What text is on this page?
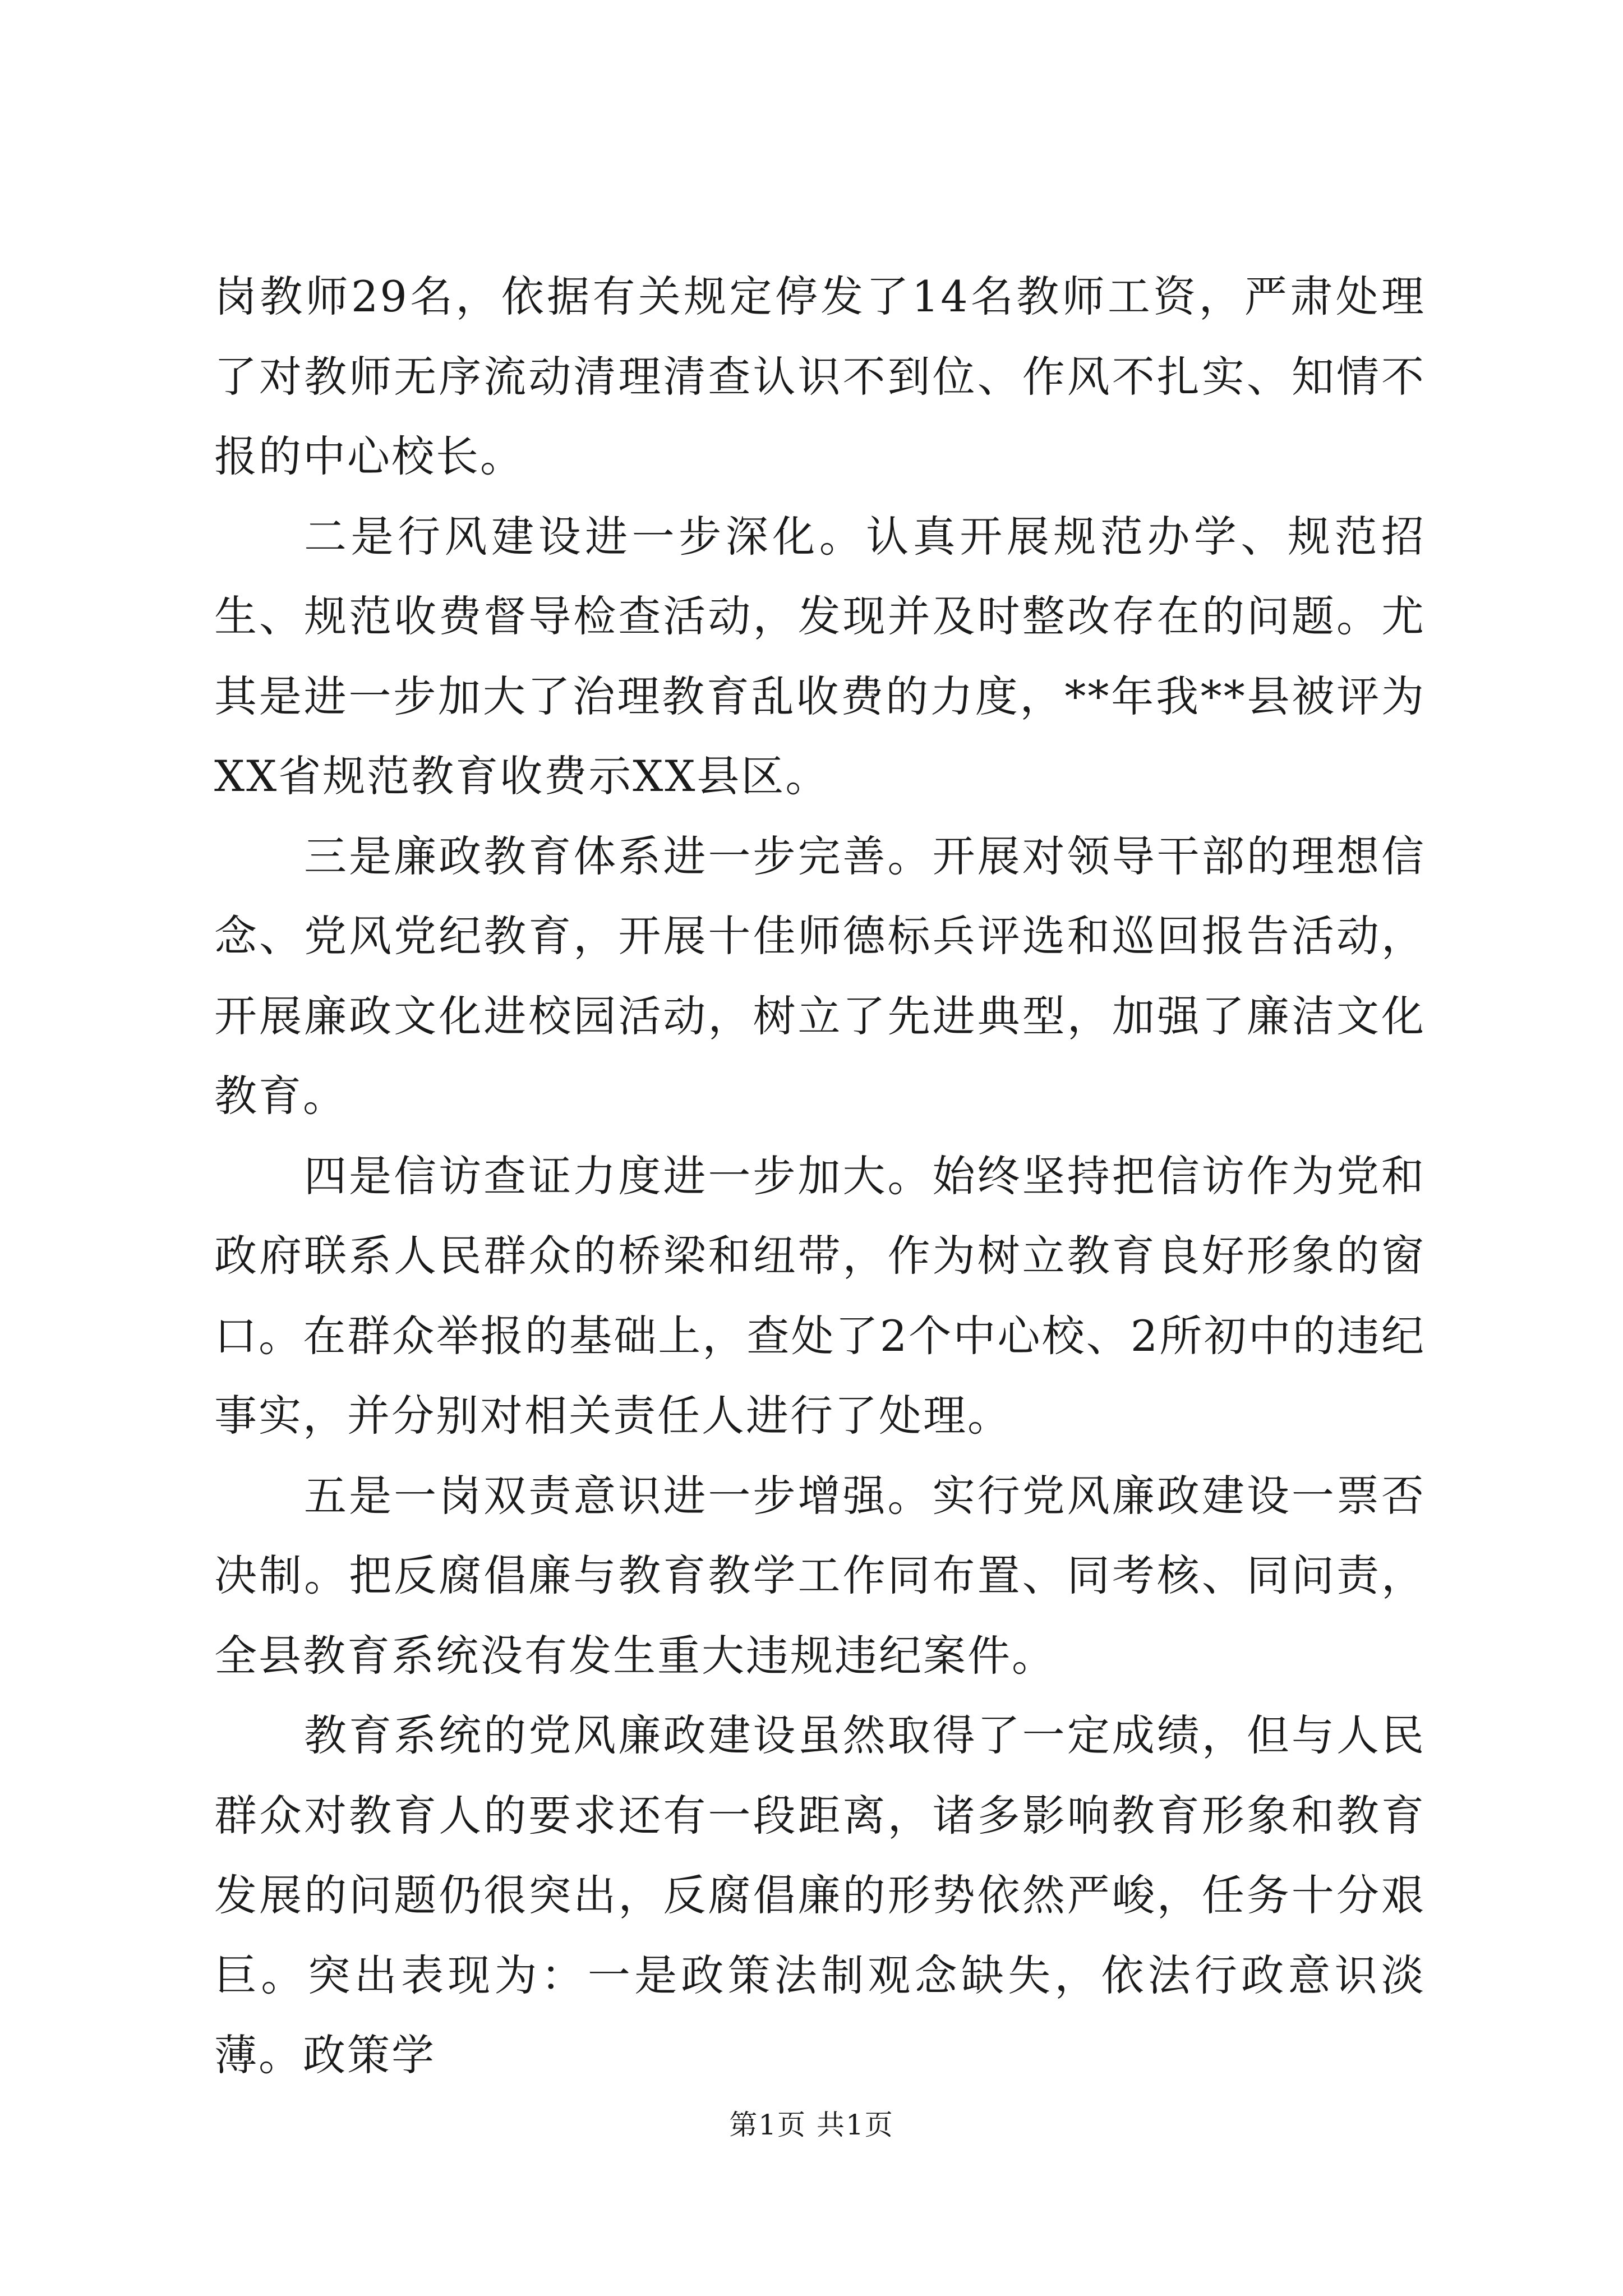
岗教师29名，依据有关规定停发了14名教师工资，严肃处理了对教师无序流动清理清查认识不到位、作风不扎实、知情不报的中心校长。

二是行风建设进一步深化。认真开展规范办学、规范招生、规范收费督导检查活动，发现并及时整改存在的问题。尤其是进一步加大了治理教育乱收费的力度，**年我**县被评为XX省规范教育收费示XX县区。

三是廉政教育体系进一步完善。开展对领导干部的理想信念、党风党纪教育，开展十佳师德标兵评选和巡回报告活动，开展廉政文化进校园活动，树立了先进典型，加强了廉洁文化教育。

四是信访查证力度进一步加大。始终坚持把信访作为党和政府联系人民群众的桥梁和纽带，作为树立教育良好形象的窗口。在群众举报的基础上，查处了2个中心校、2所初中的违纪事实，并分别对相关责任人进行了处理。

五是一岗双责意识进一步增强。实行党风廉政建设一票否决制。把反腐倡廉与教育教学工作同布置、同考核、同问责，全县教育系统没有发生重大违规违纪案件。

教育系统的党风廉政建设虽然取得了一定成绩，但与人民群众对教育人的要求还有一段距离，诸多影响教育形象和教育发展的问题仍很突出，反腐倡廉的形势依然严峻，任务十分艰巨。突出表现为：一是政策法制观念缺失，依法行政意识淡薄。政策学

第1页 共1页
